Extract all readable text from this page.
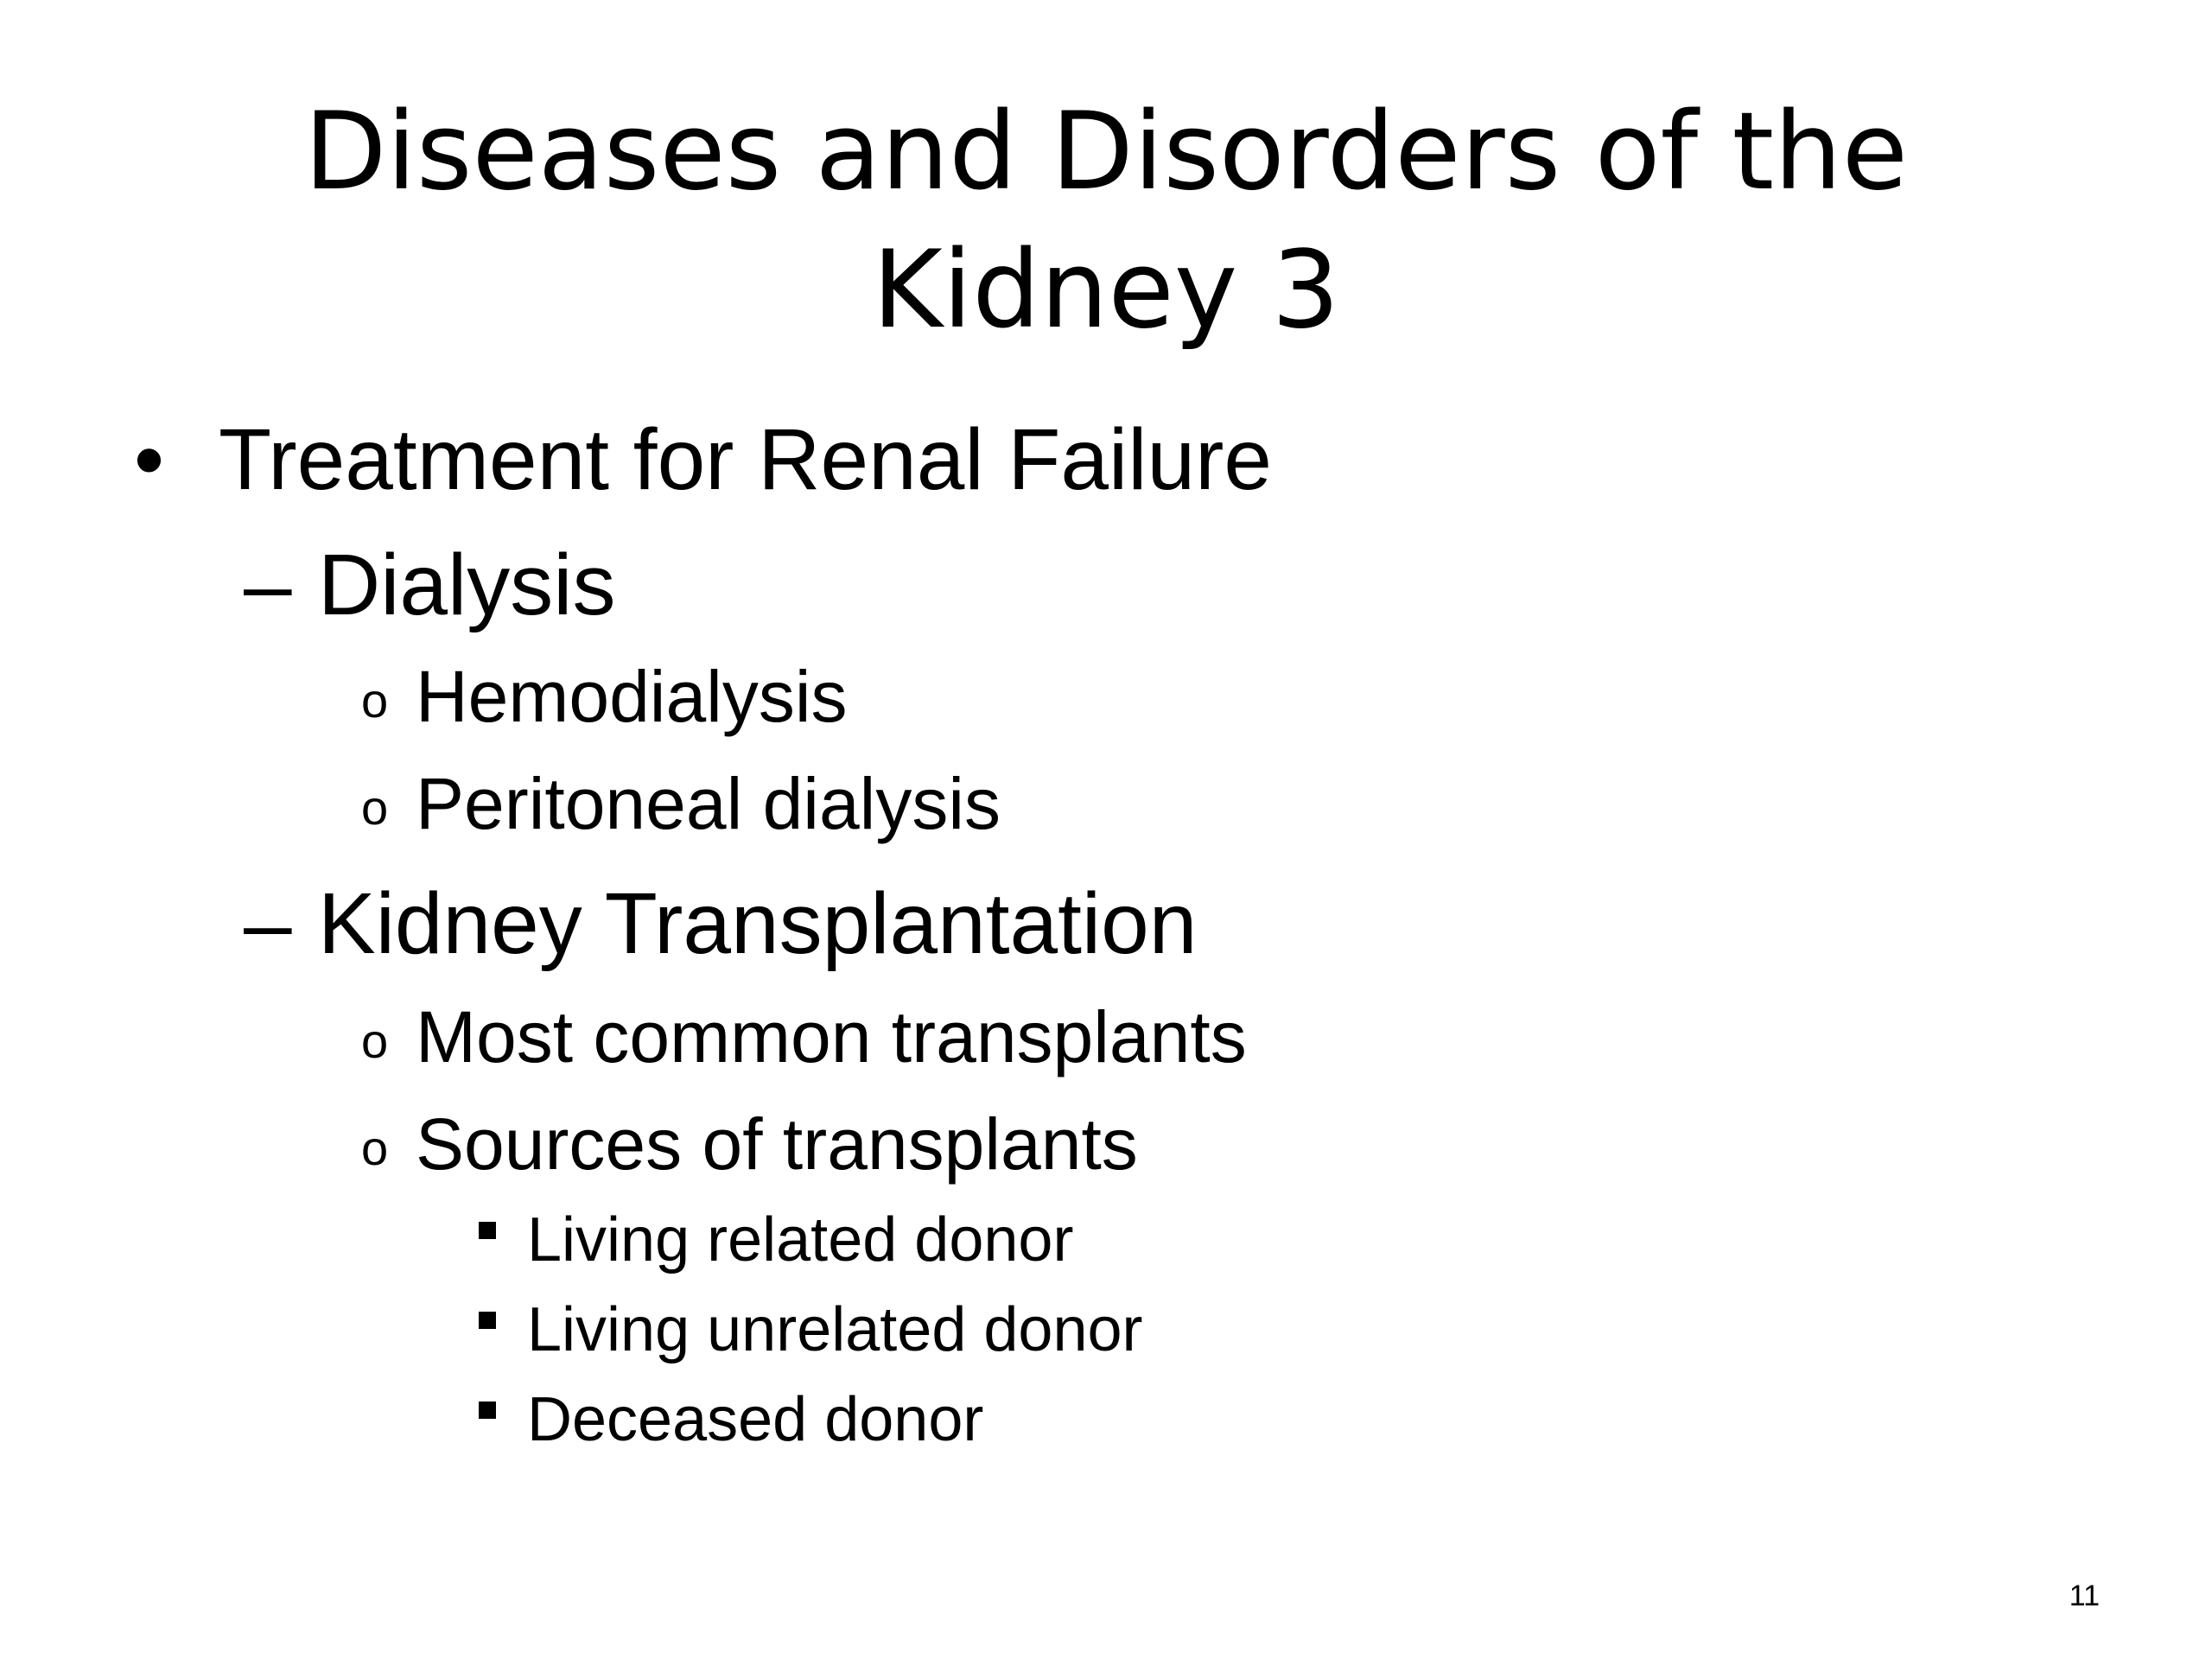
Diseases and Disorders of the
Kidney 3
• Treatment for Renal Failure
– Dialysis
o Hemodialysis
o Peritoneal dialysis
– Kidney Transplantation
o Most common transplants
o Sources of transplants
Living related donor
Living unrelated donor
Deceased donor
11
